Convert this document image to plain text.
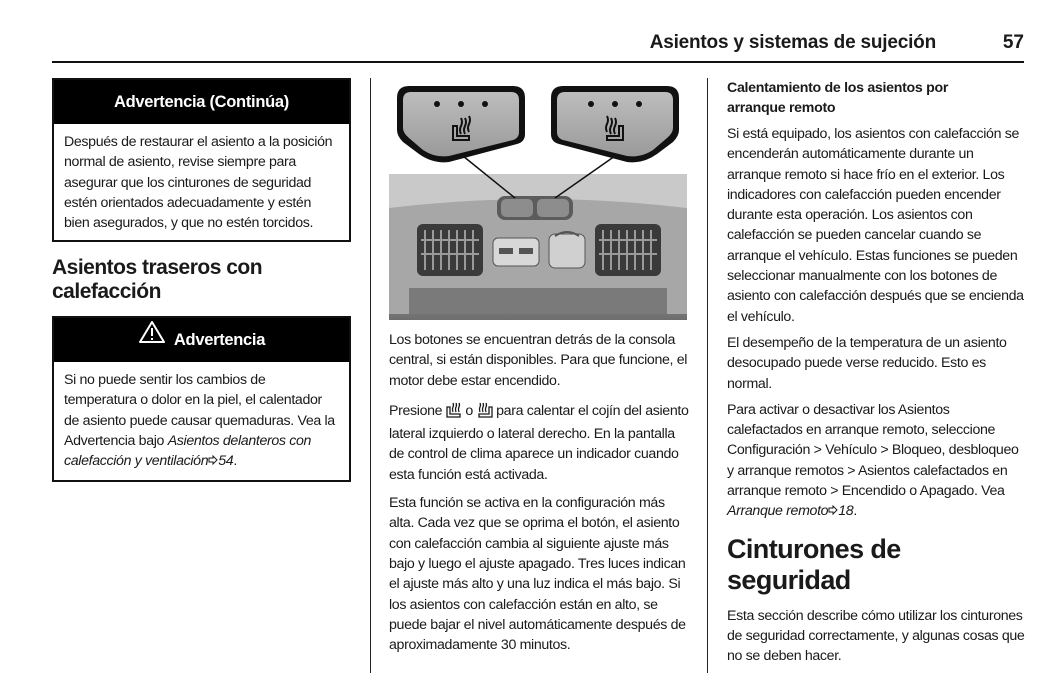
Asientos y sistemas de sujeción	57
Advertencia (Continúa)

Después de restaurar el asiento a la posición normal de asiento, revise siempre para asegurar que los cinturones de seguridad estén orientados adecuadamente y estén bien asegurados, y que no estén torcidos.

Asientos traseros con calefacción
Advertencia

Si no puede sentir los cambios de temperatura o dolor en la piel, el calentador de asiento puede causar quemaduras. Vea la Advertencia bajo Asientos delanteros con calefacción y ventilación 54.

Los botones se encuentran detrás de la consola central, si están disponibles. Para que funcione, el motor debe estar encendido.

Presione  o  para calentar el cojín del asiento lateral izquierdo o lateral derecho. En la pantalla de control de clima aparece un indicador cuando esta función está activada.

Esta función se activa en la configuración más alta. Cada vez que se oprima el botón, el asiento con calefacción cambia al siguiente ajuste más bajo y luego el ajuste apagado. Tres luces indican el ajuste más alto y una luz indica el más bajo. Si los asientos con calefacción están en alto, se puede bajar el nivel automáticamente después de aproximadamente 30 minutos.

Calentamiento de los asientos por arranque remoto

Si está equipado, los asientos con calefacción se encenderán automáticamente durante un arranque remoto si hace frío en el exterior. Los indicadores con calefacción pueden encender durante esta operación. Los asientos con calefacción se pueden cancelar cuando se arranque el vehículo. Estas funciones se pueden seleccionar manualmente con los botones de asiento con calefacción después que se encienda el vehículo.

El desempeño de la temperatura de un asiento desocupado puede verse reducido. Esto es normal.

Para activar o desactivar los Asientos calefactados en arranque remoto, seleccione Configuración > Vehículo > Bloqueo, desbloqueo y arranque remotos > Asientos calefactados en arranque remoto > Encendido o Apagado. Vea Arranque remoto 18.

Cinturones de seguridad

Esta sección describe cómo utilizar los cinturones de seguridad correctamente, y algunas cosas que no se deben hacer.
